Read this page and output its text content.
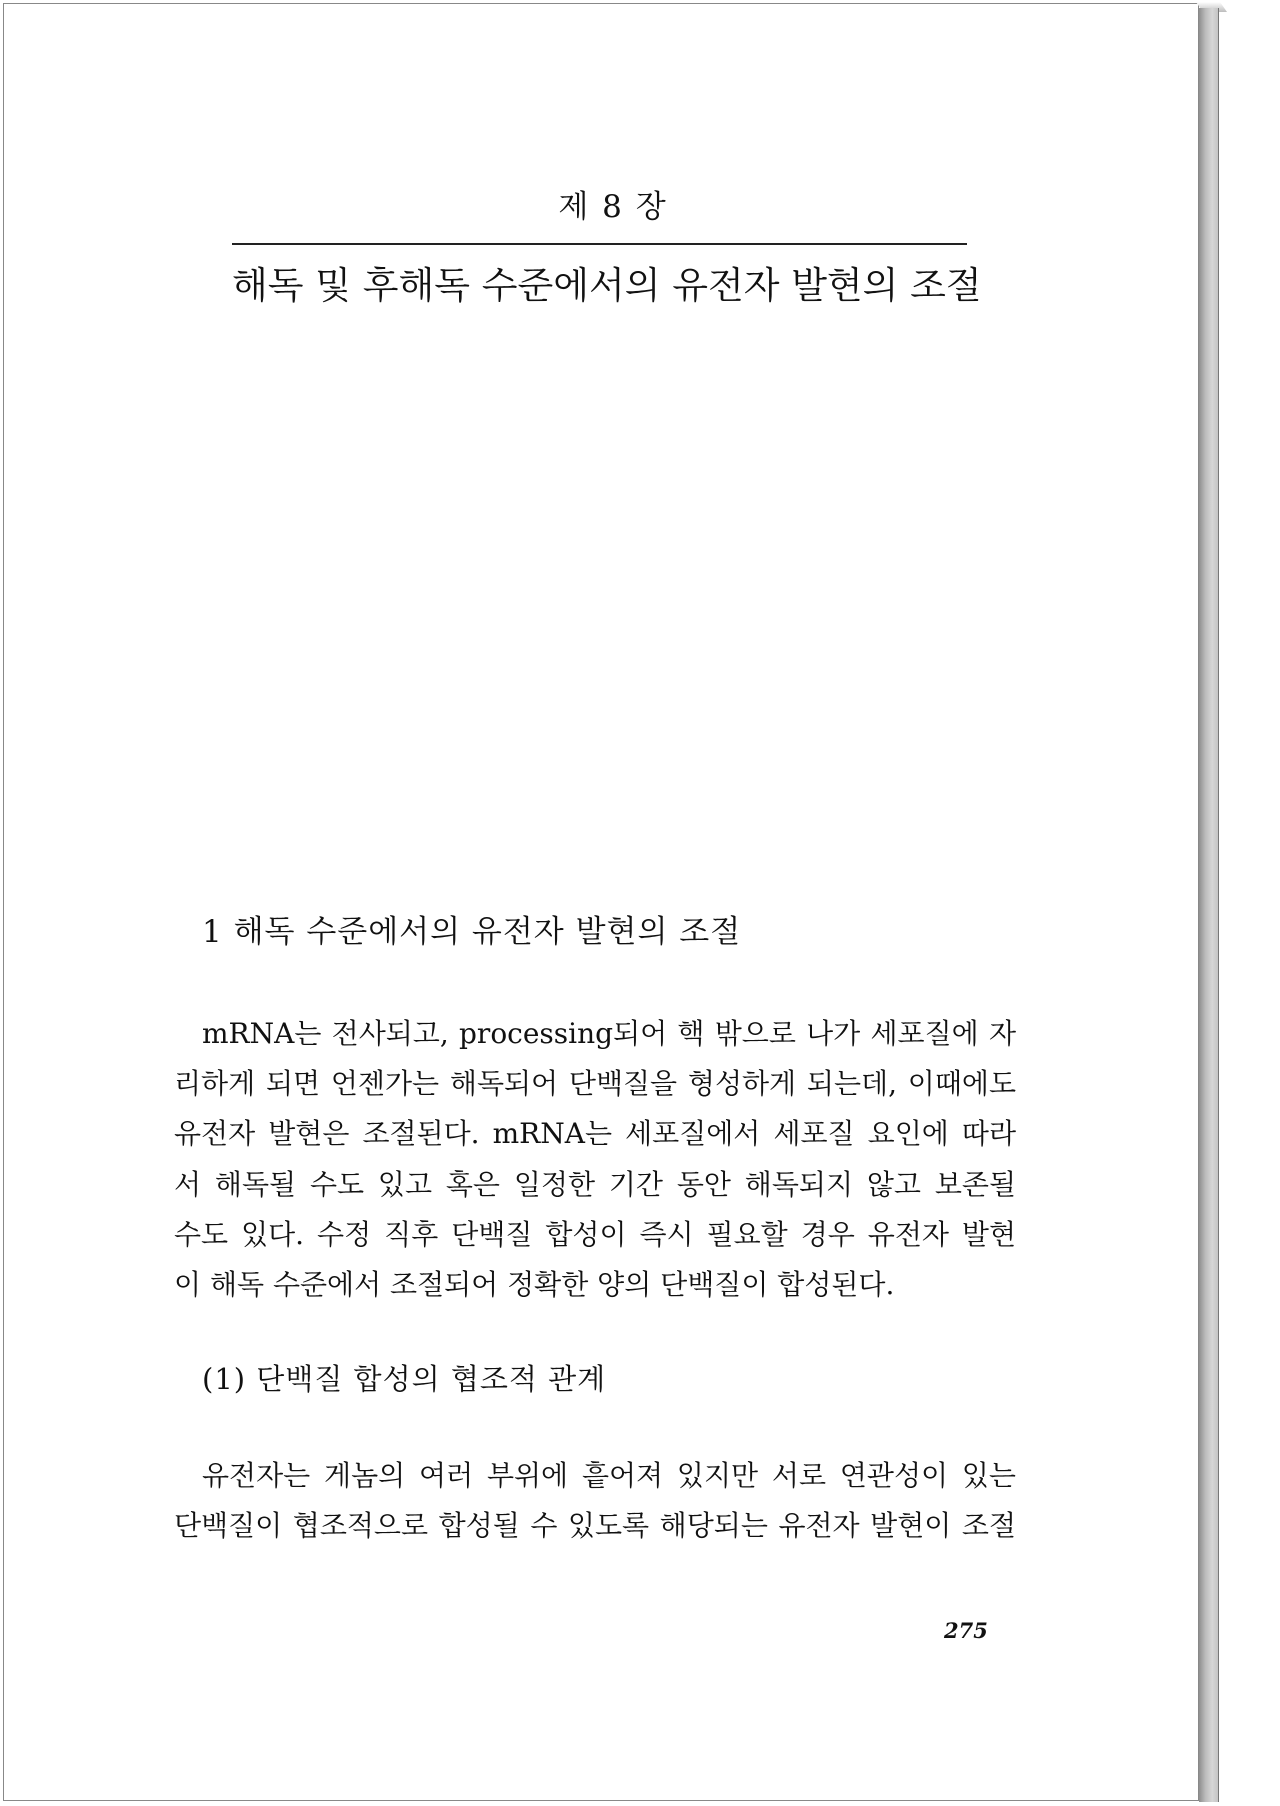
제 8 장
해독 및 후해독 수준에서의 유전자 발현의 조절
1 해독 수준에서의 유전자 발현의 조절
mRNA는 전사되고, processing되어 핵 밖으로 나가 세포질에 자
리하게 되면 언젠가는 해독되어 단백질을 형성하게 되는데, 이때에도
유전자 발현은 조절된다. mRNA는 세포질에서 세포질 요인에 따라
서 해독될 수도 있고 혹은 일정한 기간 동안 해독되지 않고 보존될
수도 있다. 수정 직후 단백질 합성이 즉시 필요할 경우 유전자 발현
이 해독 수준에서 조절되어 정확한 양의 단백질이 합성된다.
(1) 단백질 합성의 협조적 관계
유전자는 게놈의 여러 부위에 흩어져 있지만 서로 연관성이 있는
단백질이 협조적으로 합성될 수 있도록 해당되는 유전자 발현이 조절
275
